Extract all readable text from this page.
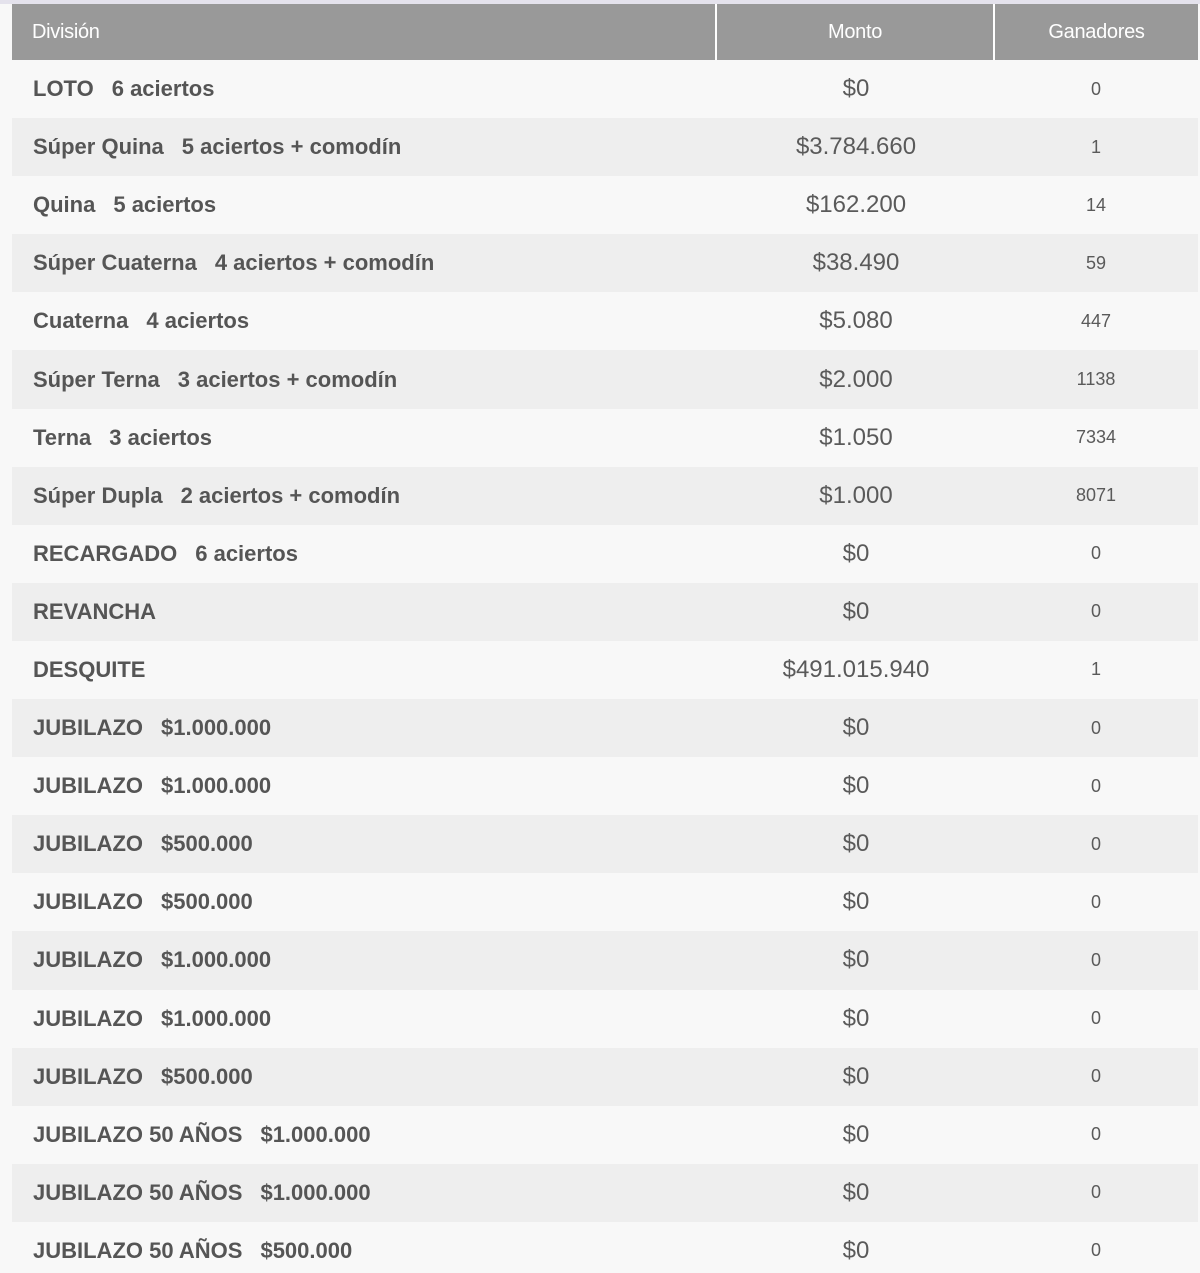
División	Monto	Ganadores
LOTO 6 aciertos	$0	0
Súper Quina 5 aciertos + comodín	$3.784.660	1
Quina 5 aciertos	$162.200	14
Súper Cuaterna 4 aciertos + comodín	$38.490	59
Cuaterna 4 aciertos	$5.080	447
Súper Terna 3 aciertos + comodín	$2.000	1138
Terna 3 aciertos	$1.050	7334
Súper Dupla 2 aciertos + comodín	$1.000	8071
RECARGADO 6 aciertos	$0	0
REVANCHA	$0	0
DESQUITE	$491.015.940	1
JUBILAZO $1.000.000	$0	0
JUBILAZO $1.000.000	$0	0
JUBILAZO $500.000	$0	0
JUBILAZO $500.000	$0	0
JUBILAZO $1.000.000	$0	0
JUBILAZO $1.000.000	$0	0
JUBILAZO $500.000	$0	0
JUBILAZO 50 AÑOS $1.000.000	$0	0
JUBILAZO 50 AÑOS $1.000.000	$0	0
JUBILAZO 50 AÑOS $500.000	$0	0
